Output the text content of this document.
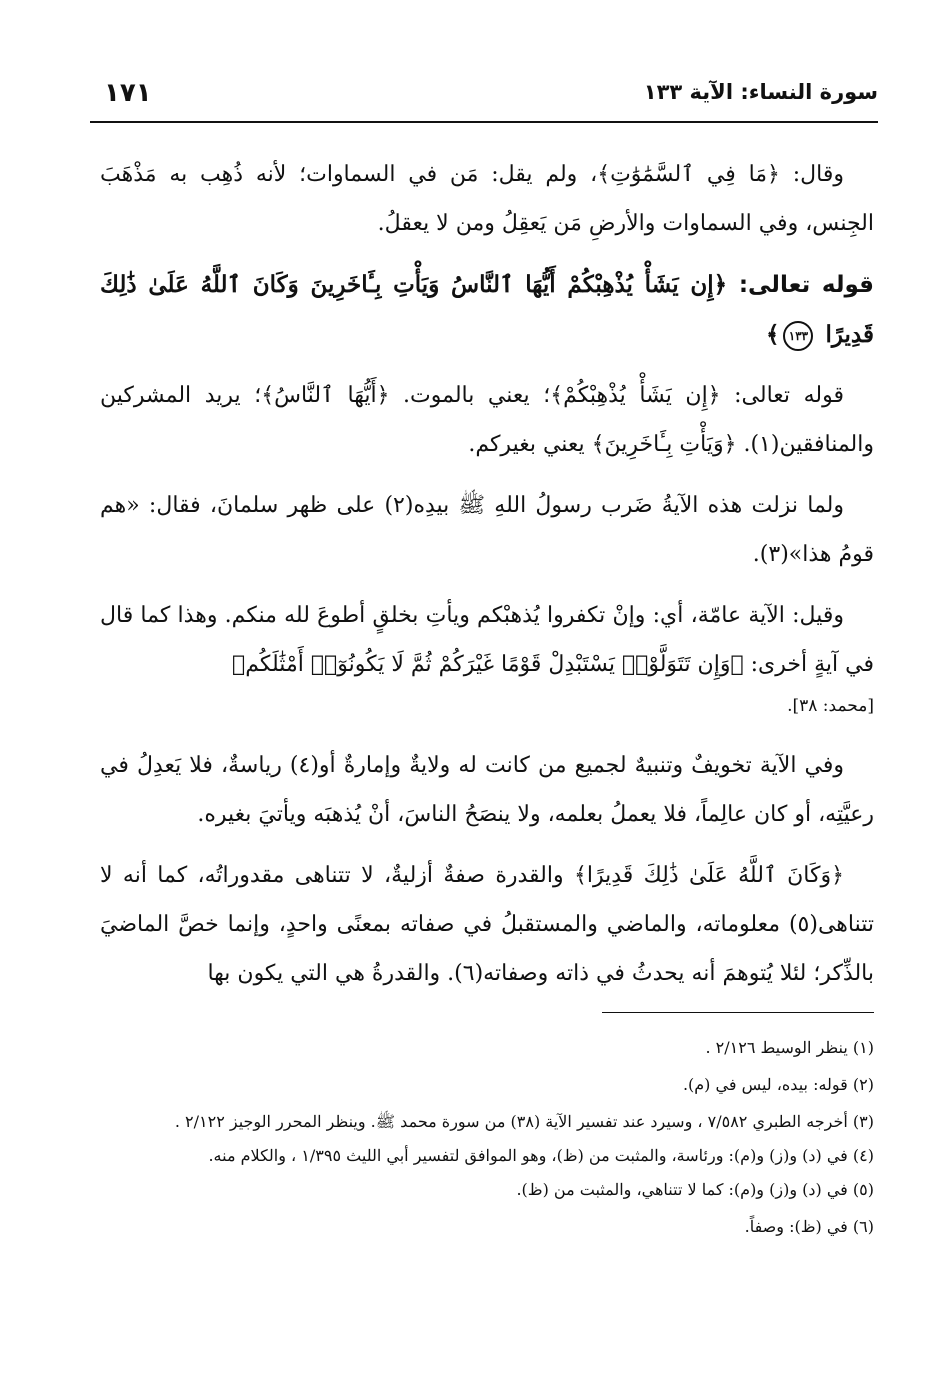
سورة النساء: الآية ١٣٣
١٧١

وقال: ﴿مَا فِي ٱلسَّمَٰوَٰتِ﴾، ولم يقل: مَن في السماوات؛ لأنه ذُهِب به مَذْهَبَ الجِنس، وفي السماوات والأرضِ مَن يَعقِلُ ومن لا يعقلُ.

قوله تعالى: ﴿إِن يَشَأْ يُذْهِبْكُمْ أَيُّهَا ٱلنَّاسُ وَيَأْتِ بِـَٔاخَرِينَ وَكَانَ ٱللَّهُ عَلَىٰ ذَٰلِكَ قَدِيرًا ١٣٣﴾

قوله تعالى: ﴿إِن يَشَأْ يُذْهِبْكُمْ﴾؛ يعني بالموت. ﴿أَيُّهَا ٱلنَّاسُ﴾؛ يريد المشركين والمنافقين(١). ﴿وَيَأْتِ بِـَٔاخَرِينَ﴾ يعني بغيركم.

ولما نزلت هذه الآيةُ ضَرب رسولُ اللهِ ﷺ بيدِه(٢) على ظهر سلمانَ، فقال: «هم قومُ هذا»(٣).

وقيل: الآية عامّة، أي: وإنْ تكفروا يُذهبْكم ويأتِ بخلقٍ أطوعَ لله منكم. وهذا كما قال في آيةٍ أخرى: ﴿وَإِن تَتَوَلَّوْا۟ يَسْتَبْدِلْ قَوْمًا غَيْرَكُمْ ثُمَّ لَا يَكُونُوٓا۟ أَمْثَٰلَكُم﴾

[محمد: ٣٨].

وفي الآية تخويفٌ وتنبيهٌ لجميع من كانت له ولايةٌ وإمارةٌ أو(٤) رياسةٌ، فلا يَعدِلُ في رعيَّتِه، أو كان عالِماً، فلا يعملُ بعلمه، ولا ينصَحُ الناسَ، أنْ يُذهبَه ويأتيَ بغيره.

﴿وَكَانَ ٱللَّهُ عَلَىٰ ذَٰلِكَ قَدِيرًا﴾ والقدرة صفةٌ أزليةٌ، لا تتناهى مقدوراتُه، كما أنه لا تتناهى(٥) معلوماته، والماضي والمستقبلُ في صفاته بمعنًى واحدٍ، وإنما خصَّ الماضيَ بالذِّكر؛ لئلا يُتوهمَ أنه يحدثُ في ذاته وصفاته(٦). والقدرةُ هي التي يكون بها

(١) ينظر الوسيط ٢/١٢٦ .
(٢) قوله: بيده، ليس في (م).
(٣) أخرجه الطبري ٧/٥٨٢ ، وسيرد عند تفسير الآية (٣٨) من سورة محمد ﷺ. وينظر المحرر الوجيز ٢/١٢٢ .
(٤) في (د) و(ز) و(م): ورئاسة، والمثبت من (ظ)، وهو الموافق لتفسير أبي الليث ١/٣٩٥ ، والكلام منه.
(٥) في (د) و(ز) و(م): كما لا تتناهي، والمثبت من (ظ).
(٦) في (ظ): وصفاً.
